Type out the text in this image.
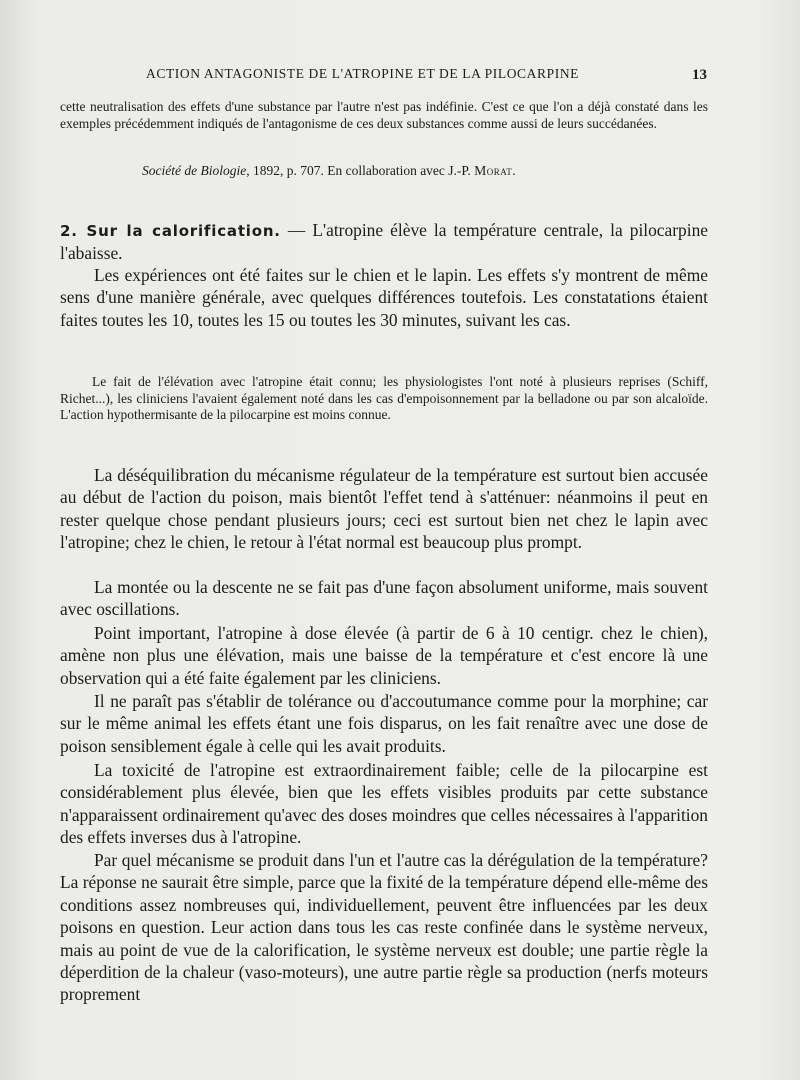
ACTION ANTAGONISTE DE L'ATROPINE ET DE LA PILOCARPINE	13

cette neutralisation des effets d'une substance par l'autre n'est pas indéfinie. C'est ce que l'on a déjà constaté dans les exemples précédemment indiqués de l'antagonisme de ces deux substances comme aussi de leurs succédanées.

Société de Biologie, 1892, p. 707. En collaboration avec J.-P. Morat.

2. Sur la calorification. — L'atropine élève la température centrale, la pilocarpine l'abaisse.

Les expériences ont été faites sur le chien et le lapin. Les effets s'y montrent de même sens d'une manière générale, avec quelques différences toutefois. Les constatations étaient faites toutes les 10, toutes les 15 ou toutes les 30 minutes, suivant les cas.

Le fait de l'élévation avec l'atropine était connu; les physiologistes l'ont noté à plusieurs reprises (Schiff, Richet...), les cliniciens l'avaient également noté dans les cas d'empoisonnement par la belladone ou par son alcaloïde. L'action hypothermisante de la pilocarpine est moins connue.

La déséquilibration du mécanisme régulateur de la température est surtout bien accusée au début de l'action du poison, mais bientôt l'effet tend à s'atténuer: néanmoins il peut en rester quelque chose pendant plusieurs jours; ceci est surtout bien net chez le lapin avec l'atropine; chez le chien, le retour à l'état normal est beaucoup plus prompt.

La montée ou la descente ne se fait pas d'une façon absolument uniforme, mais souvent avec oscillations.

Point important, l'atropine à dose élevée (à partir de 6 à 10 centigr. chez le chien), amène non plus une élévation, mais une baisse de la température et c'est encore là une observation qui a été faite également par les cliniciens.

Il ne paraît pas s'établir de tolérance ou d'accoutumance comme pour la morphine; car sur le même animal les effets étant une fois disparus, on les fait renaître avec une dose de poison sensiblement égale à celle qui les avait produits.

La toxicité de l'atropine est extraordinairement faible; celle de la pilocarpine est considérablement plus élevée, bien que les effets visibles produits par cette substance n'apparaissent ordinairement qu'avec des doses moindres que celles nécessaires à l'apparition des effets inverses dus à l'atropine.

Par quel mécanisme se produit dans l'un et l'autre cas la dérégulation de la température? La réponse ne saurait être simple, parce que la fixité de la température dépend elle-même des conditions assez nombreuses qui, individuellement, peuvent être influencées par les deux poisons en question. Leur action dans tous les cas reste confinée dans le système nerveux, mais au point de vue de la calorification, le système nerveux est double; une partie règle la déperdition de la chaleur (vaso-moteurs), une autre partie règle sa production (nerfs moteurs proprement
